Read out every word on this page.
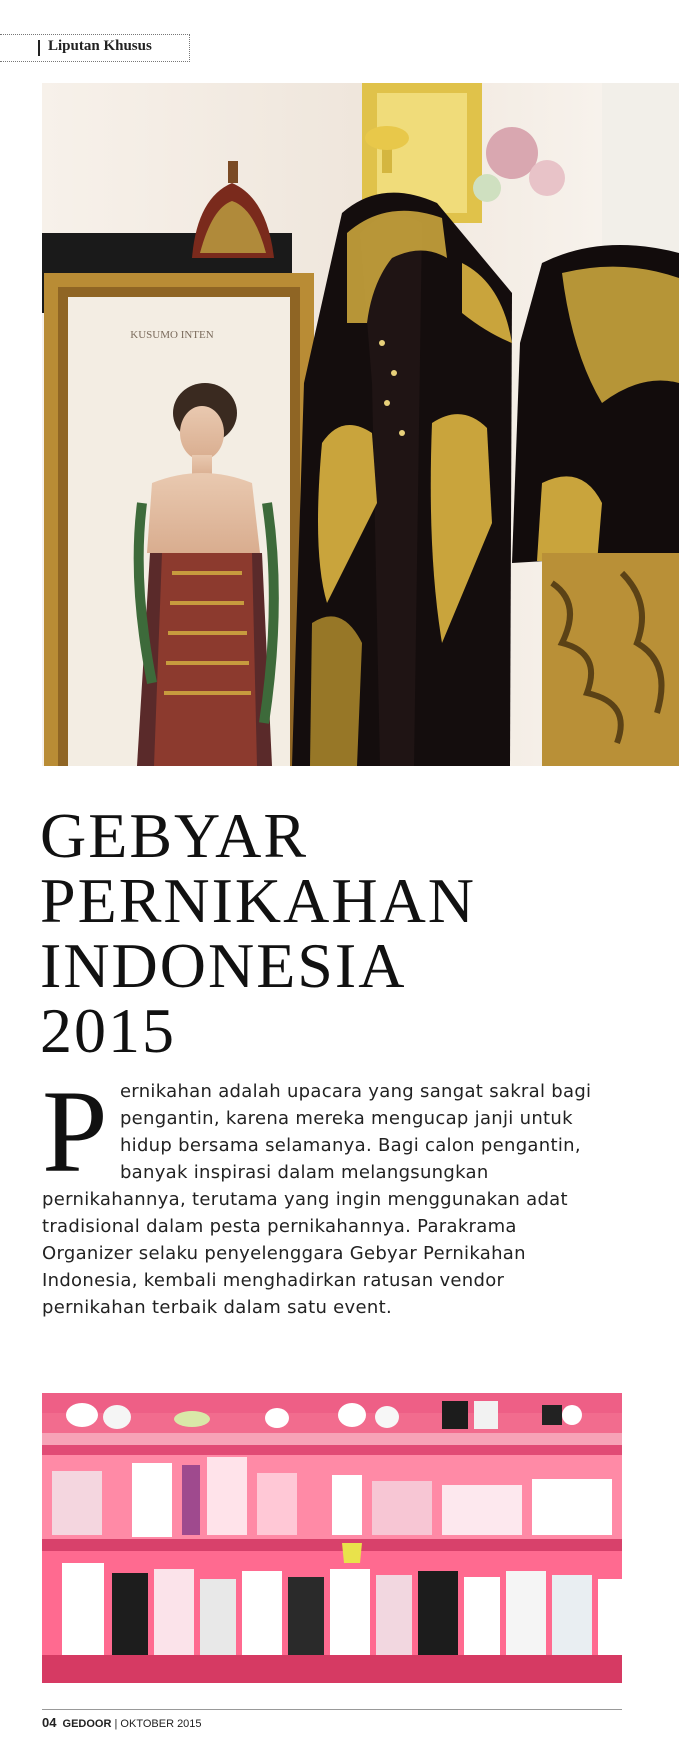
Liputan Khusus
KUSUMO INTEN
GEBYAR
PERNIKAHAN
INDONESIA
2015
P ernikahan adalah upacara yang sangat sakral bagi pengantin, karena mereka mengucap janji untuk hidup bersama selamanya. Bagi calon pengantin, banyak inspirasi dalam melangsungkan pernikahannya, terutama yang ingin menggunakan adat tradisional dalam pesta pernikahannya. Parakrama Organizer selaku penyelenggara Gebyar Pernikahan Indonesia, kembali menghadirkan ratusan vendor pernikahan terbaik dalam satu event.
04 GEDOOR | OKTOBER 2015
